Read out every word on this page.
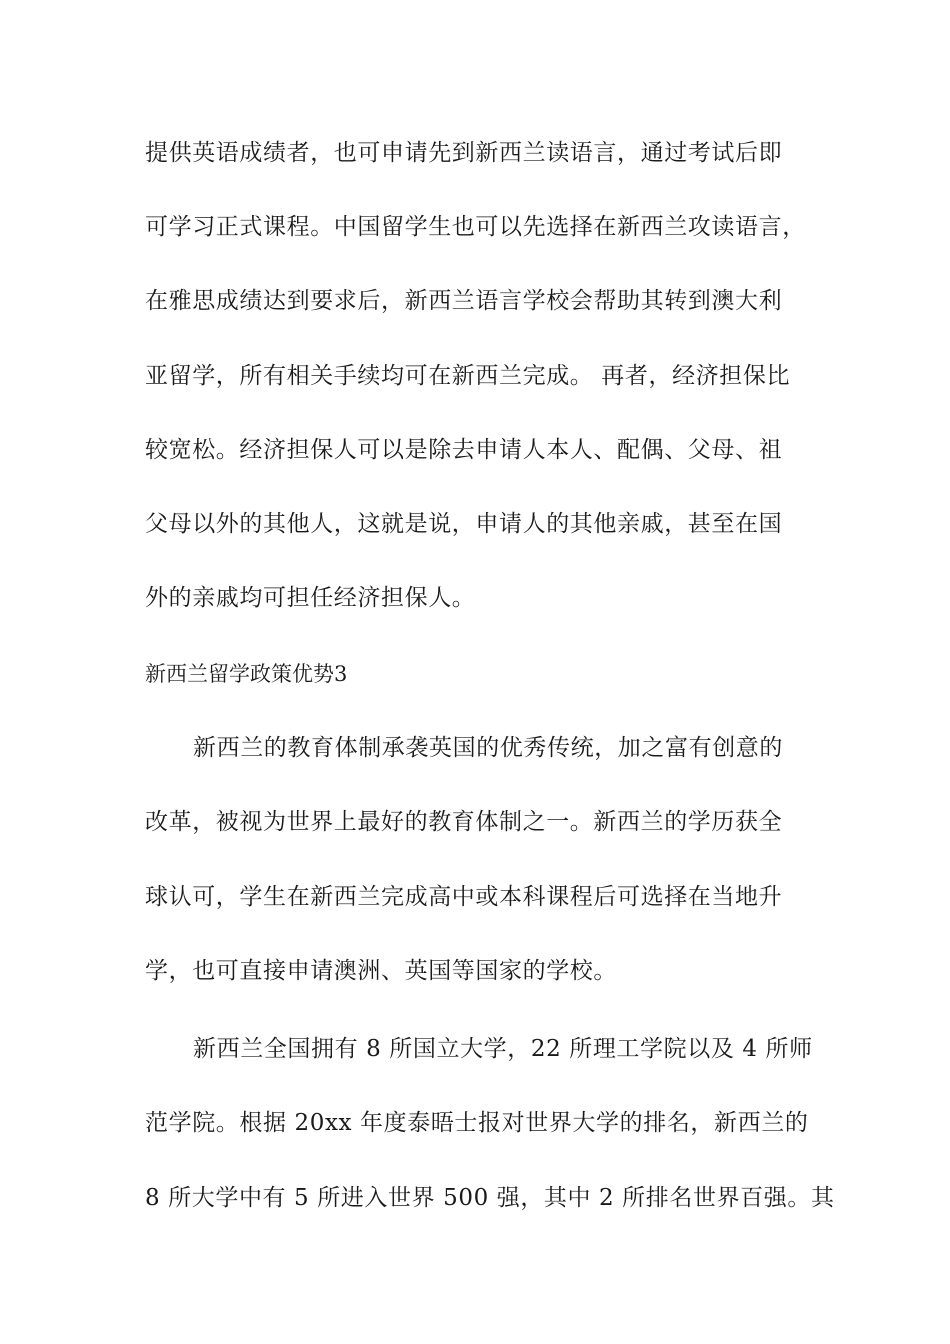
提供英语成绩者，也可申请先到新西兰读语言，通过考试后即
可学习正式课程。中国留学生也可以先选择在新西兰攻读语言，
在雅思成绩达到要求后，新西兰语言学校会帮助其转到澳大利
亚留学，所有相关手续均可在新西兰完成。 再者，经济担保比
较宽松。经济担保人可以是除去申请人本人、配偶、父母、祖
父母以外的其他人，这就是说，申请人的其他亲戚，甚至在国
外的亲戚均可担任经济担保人。
新西兰留学政策优势3
新西兰的教育体制承袭英国的优秀传统，加之富有创意的
改革，被视为世界上最好的教育体制之一。新西兰的学历获全
球认可，学生在新西兰完成高中或本科课程后可选择在当地升
学，也可直接申请澳洲、英国等国家的学校。
新西兰全国拥有 8 所国立大学，22 所理工学院以及 4 所师
范学院。根据 20xx 年度泰晤士报对世界大学的排名，新西兰的
8 所大学中有 5 所进入世界 500 强，其中 2 所排名世界百强。其
